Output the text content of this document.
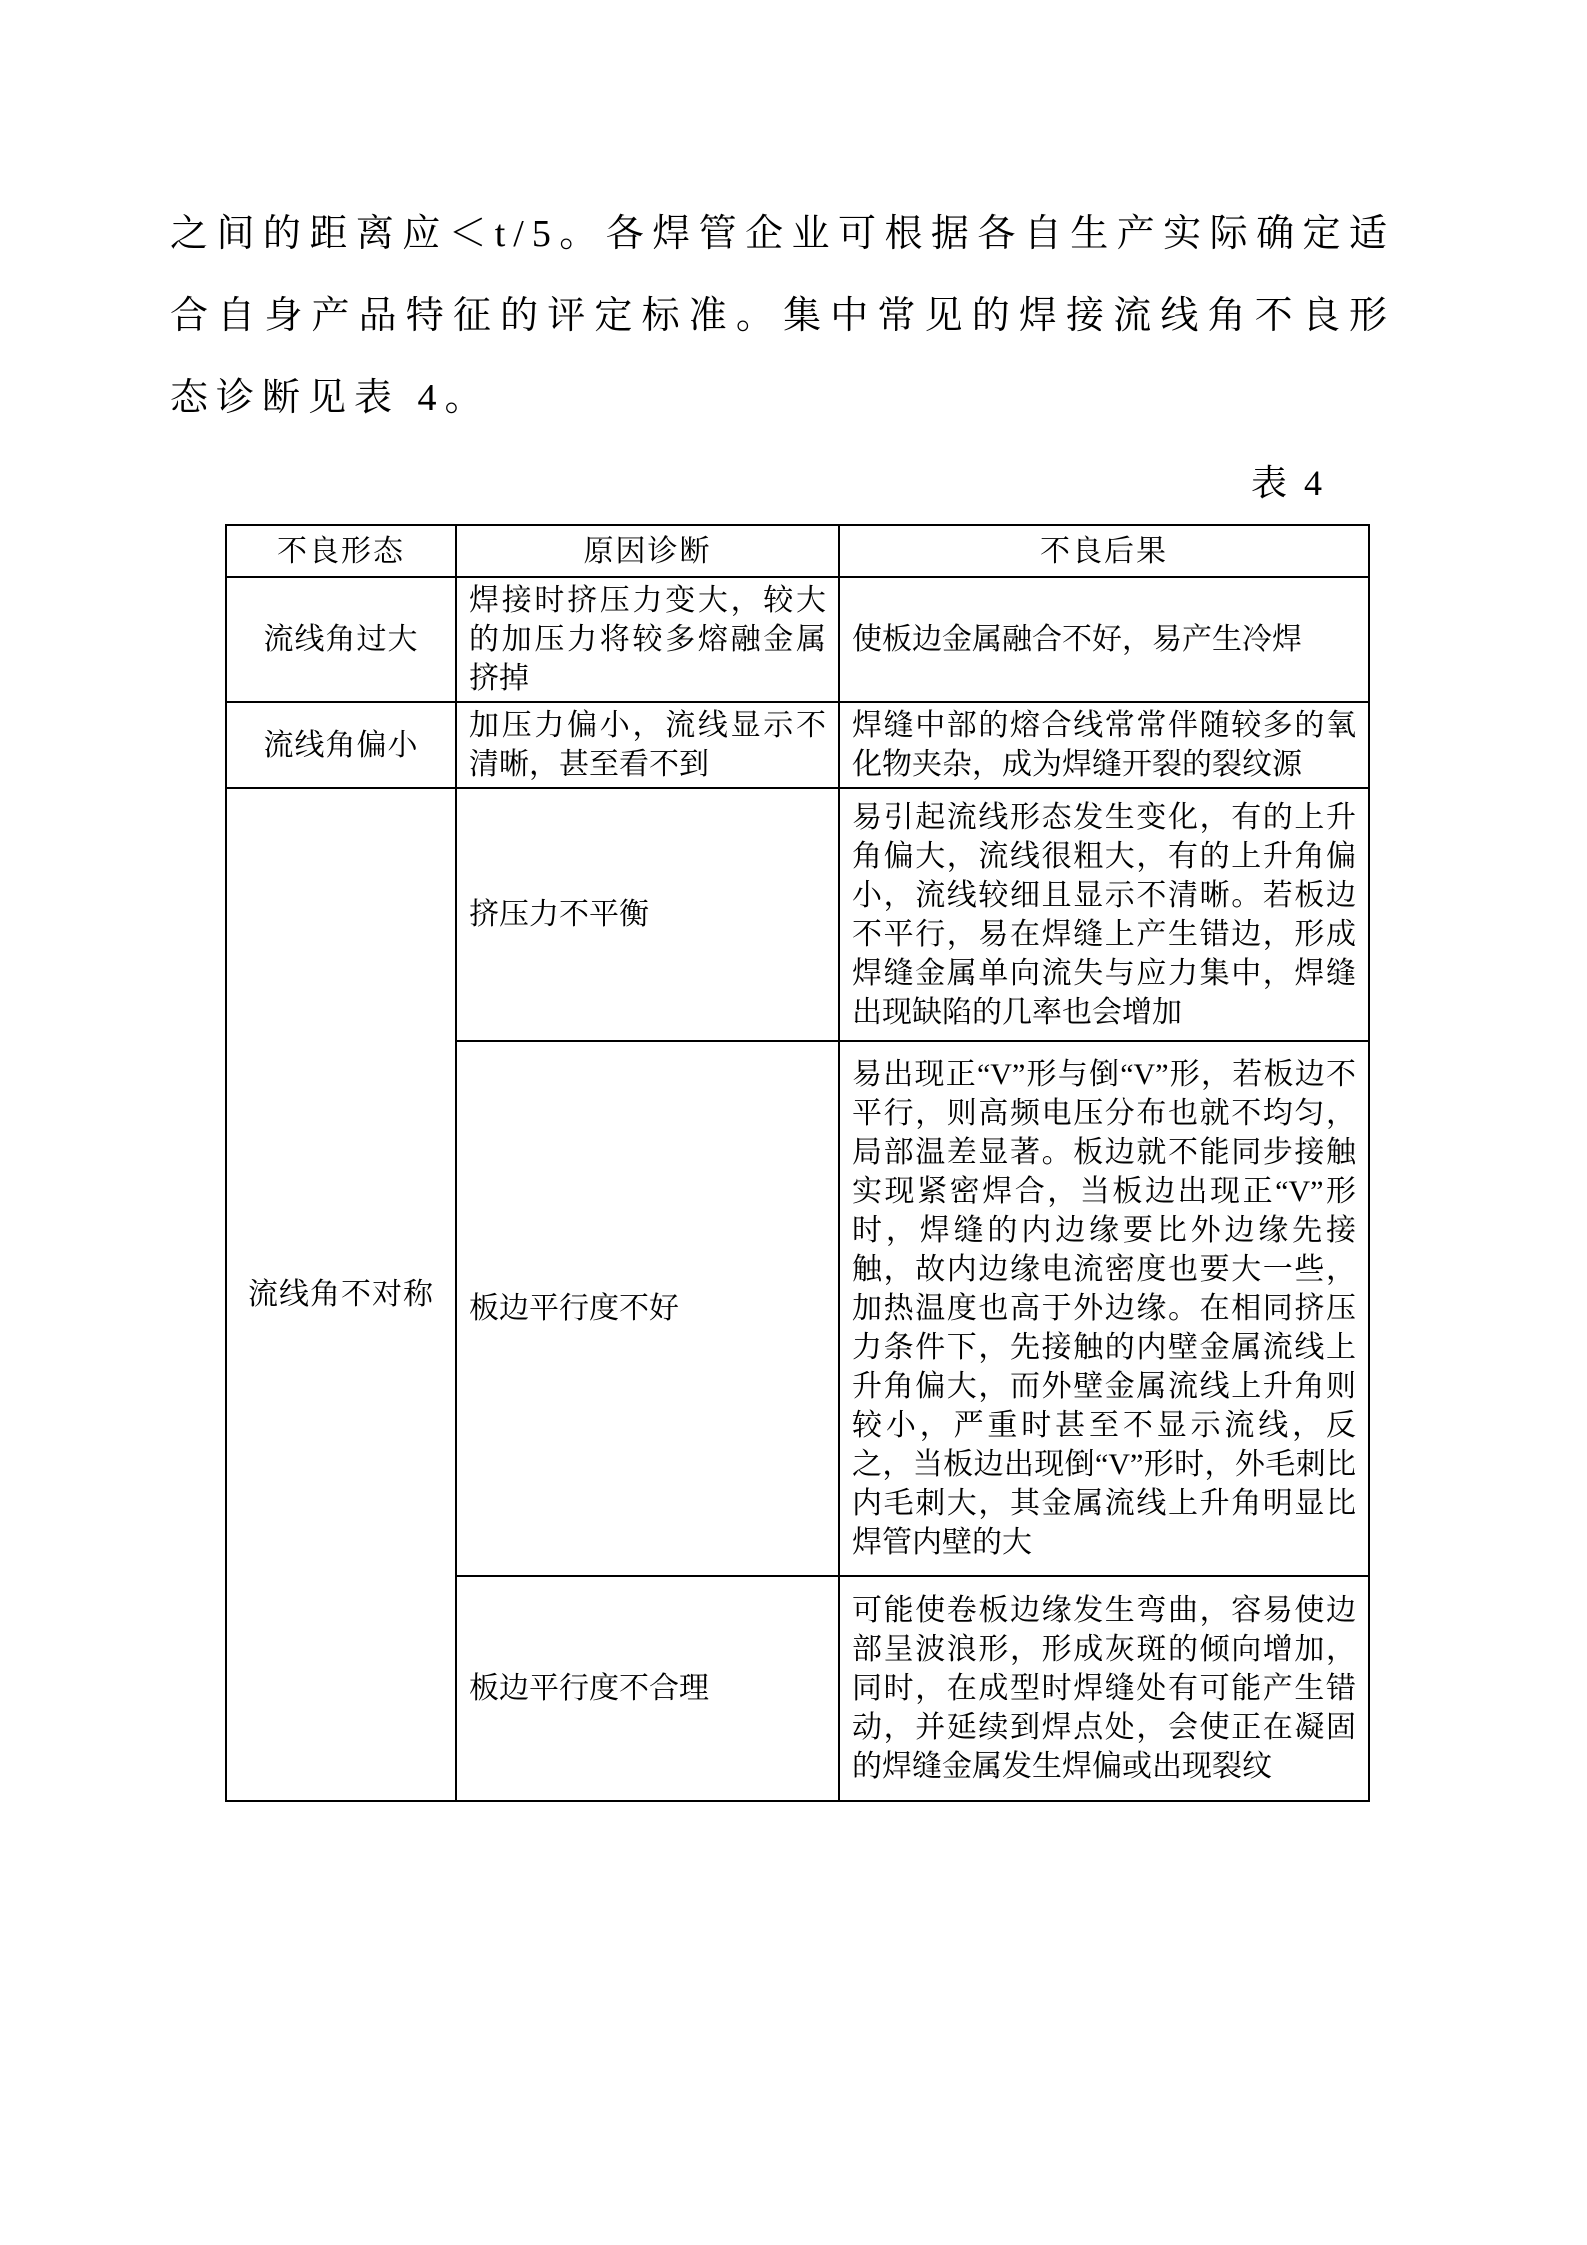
之间的距离应＜t/5。各焊管企业可根据各自生产实际确定适合自身产品特征的评定标准。集中常见的焊接流线角不良形态诊断见表 4。

表 4
不良形态	原因诊断	不良后果
流线角过大	焊接时挤压力变大，较大的加压力将较多熔融金属挤掉	使板边金属融合不好，易产生冷焊
流线角偏小	加压力偏小，流线显示不清晰，甚至看不到	焊缝中部的熔合线常常伴随较多的氧化物夹杂，成为焊缝开裂的裂纹源
流线角不对称	挤压力不平衡	易引起流线形态发生变化，有的上升角偏大，流线很粗大，有的上升角偏小，流线较细且显示不清晰。若板边不平行，易在焊缝上产生错边，形成焊缝金属单向流失与应力集中，焊缝出现缺陷的几率也会增加
	板边平行度不好	易出现正“V”形与倒“V”形，若板边不平行，则高频电压分布也就不均匀，局部温差显著。板边就不能同步接触实现紧密焊合，当板边出现正“V”形时，焊缝的内边缘要比外边缘先接触，故内边缘电流密度也要大一些，加热温度也高于外边缘。在相同挤压力条件下，先接触的内壁金属流线上升角偏大，而外壁金属流线上升角则较小，严重时甚至不显示流线，反之，当板边出现倒“V”形时，外毛刺比内毛刺大，其金属流线上升角明显比焊管内壁的大
	板边平行度不合理	可能使卷板边缘发生弯曲，容易使边部呈波浪形，形成灰斑的倾向增加，同时，在成型时焊缝处有可能产生错动，并延续到焊点处，会使正在凝固的焊缝金属发生焊偏或出现裂纹
